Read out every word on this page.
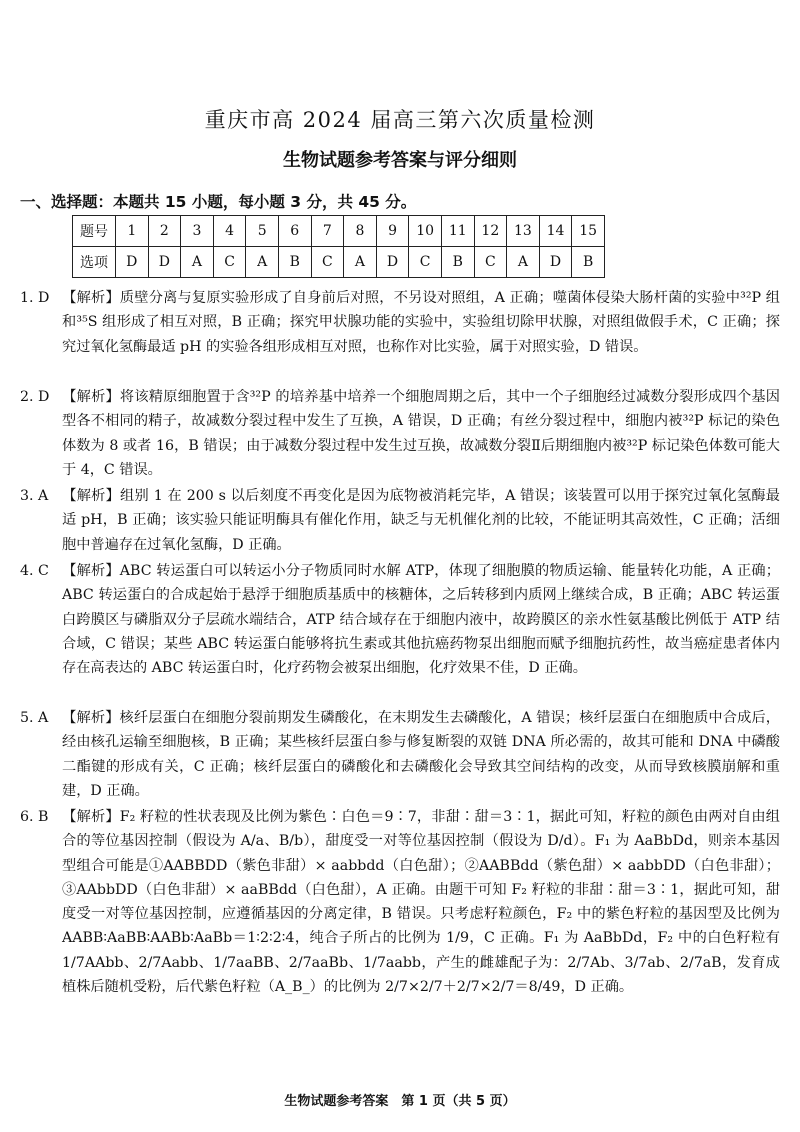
重庆市高 2024 届高三第六次质量检测
生物试题参考答案与评分细则
一、选择题：本题共 15 小题，每小题 3 分，共 45 分。
题号	1	2	3	4	5	6	7	8	9	10	11	12	13	14	15
选项	D	D	A	C	A	B	C	A	D	C	B	C	A	D	B

1. D 【解析】质壁分离与复原实验形成了自身前后对照，不另设对照组，A 正确；噬菌体侵染大肠杆菌的实验中³²P 组和³⁵S 组形成了相互对照，B 正确；探究甲状腺功能的实验中，实验组切除甲状腺，对照组做假手术，C 正确；探究过氧化氢酶最适 pH 的实验各组形成相互对照，也称作对比实验，属于对照实验，D 错误。

2. D 【解析】将该精原细胞置于含³²P 的培养基中培养一个细胞周期之后，其中一个子细胞经过减数分裂形成四个基因型各不相同的精子，故减数分裂过程中发生了互换，A 错误，D 正确；有丝分裂过程中，细胞内被³²P 标记的染色体数为 8 或者 16，B 错误；由于减数分裂过程中发生过互换，故减数分裂Ⅱ后期细胞内被³²P 标记染色体数可能大于 4，C 错误。

3. A 【解析】组别 1 在 200 s 以后刻度不再变化是因为底物被消耗完毕，A 错误；该装置可以用于探究过氧化氢酶最适 pH，B 正确；该实验只能证明酶具有催化作用，缺乏与无机催化剂的比较，不能证明其高效性，C 正确；活细胞中普遍存在过氧化氢酶，D 正确。

4. C 【解析】ABC 转运蛋白可以转运小分子物质同时水解 ATP，体现了细胞膜的物质运输、能量转化功能，A 正确；ABC 转运蛋白的合成起始于悬浮于细胞质基质中的核糖体，之后转移到内质网上继续合成，B 正确；ABC 转运蛋白跨膜区与磷脂双分子层疏水端结合，ATP 结合域存在于细胞内液中，故跨膜区的亲水性氨基酸比例低于 ATP 结合域，C 错误；某些 ABC 转运蛋白能够将抗生素或其他抗癌药物泵出细胞而赋予细胞抗药性，故当癌症患者体内存在高表达的 ABC 转运蛋白时，化疗药物会被泵出细胞，化疗效果不佳，D 正确。

5. A 【解析】核纤层蛋白在细胞分裂前期发生磷酸化，在末期发生去磷酸化，A 错误；核纤层蛋白在细胞质中合成后，经由核孔运输至细胞核，B 正确；某些核纤层蛋白参与修复断裂的双链 DNA 所必需的，故其可能和 DNA 中磷酸二酯键的形成有关，C 正确；核纤层蛋白的磷酸化和去磷酸化会导致其空间结构的改变，从而导致核膜崩解和重建，D 正确。

6. B 【解析】F₂ 籽粒的性状表现及比例为紫色∶白色＝9∶7，非甜∶甜＝3∶1，据此可知，籽粒的颜色由两对自由组合的等位基因控制（假设为 A/a、B/b），甜度受一对等位基因控制（假设为 D/d）。F₁ 为 AaBbDd，则亲本基因型组合可能是①AABBDD（紫色非甜）× aabbdd（白色甜）；②AABBdd（紫色甜）× aabbDD（白色非甜）；③AAbbDD（白色非甜）× aaBBdd（白色甜），A 正确。由题干可知 F₂ 籽粒的非甜∶甜＝3∶1，据此可知，甜度受一对等位基因控制，应遵循基因的分离定律，B 错误。只考虑籽粒颜色，F₂ 中的紫色籽粒的基因型及比例为 AABB∶AaBB∶AABb∶AaBb＝1∶2∶2∶4，纯合子所占的比例为 1/9，C 正确。F₁ 为 AaBbDd，F₂ 中的白色籽粒有 1/7AAbb、2/7Aabb、1/7aaBB、2/7aaBb、1/7aabb，产生的雌雄配子为：2/7Ab、3/7ab、2/7aB，发育成植株后随机受粉，后代紫色籽粒（A_B_）的比例为 2/7×2/7＋2/7×2/7＝8/49，D 正确。

生物试题参考答案　第 1 页（共 5 页）
